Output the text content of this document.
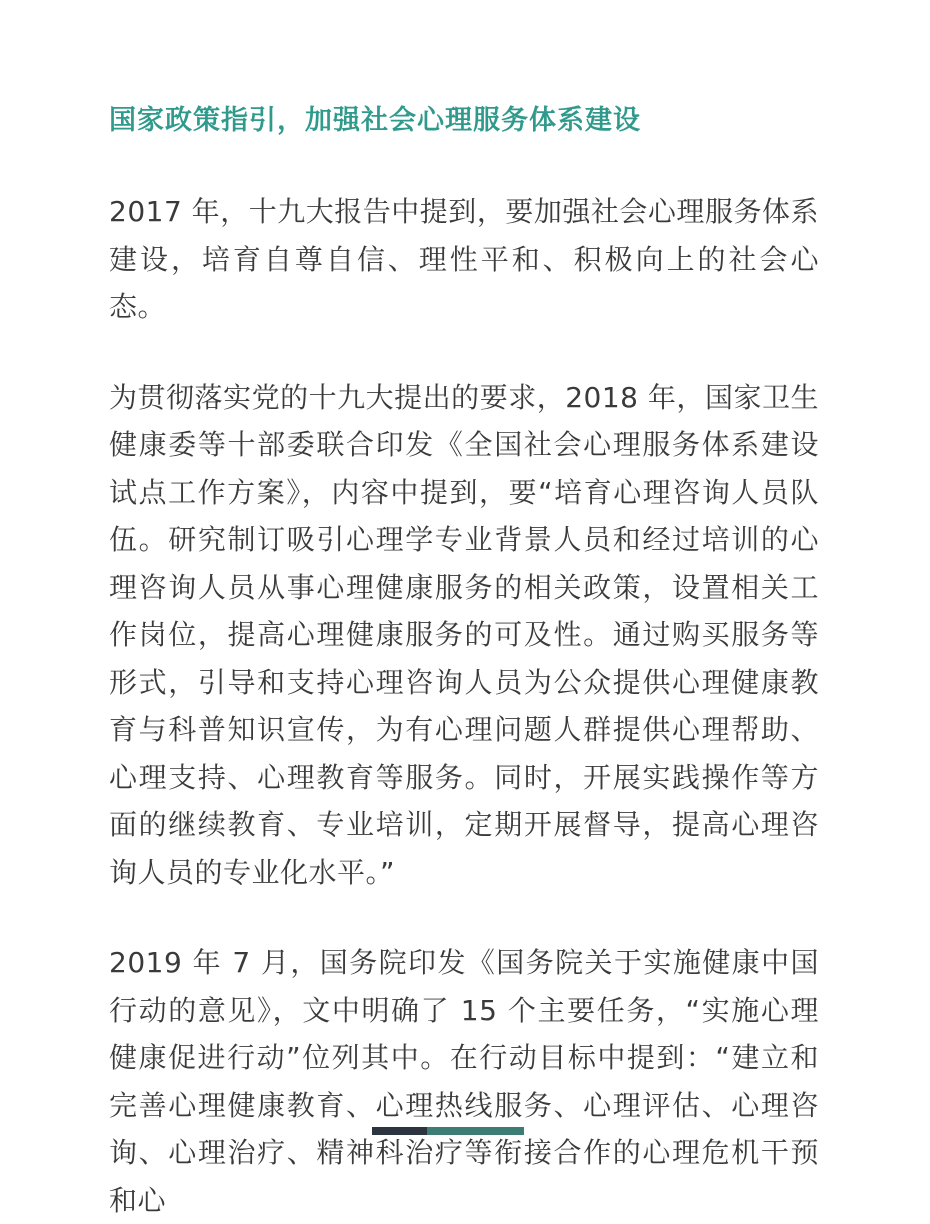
国家政策指引，加强社会心理服务体系建设

2017 年，十九大报告中提到，要加强社会心理服务体系建设，培育自尊自信、理性平和、积极向上的社会心态。

为贯彻落实党的十九大提出的要求，2018 年，国家卫生健康委等十部委联合印发《全国社会心理服务体系建设试点工作方案》，内容中提到，要“培育心理咨询人员队伍。研究制订吸引心理学专业背景人员和经过培训的心理咨询人员从事心理健康服务的相关政策，设置相关工作岗位，提高心理健康服务的可及性。通过购买服务等形式，引导和支持心理咨询人员为公众提供心理健康教育与科普知识宣传，为有心理问题人群提供心理帮助、心理支持、心理教育等服务。同时，开展实践操作等方面的继续教育、专业培训，定期开展督导，提高心理咨询人员的专业化水平。”

2019 年 7 月，国务院印发《国务院关于实施健康中国行动的意见》，文中明确了 15 个主要任务，“实施心理健康促进行动”位列其中。在行动目标中提到：“建立和完善心理健康教育、心理热线服务、心理评估、心理咨询、心理治疗、精神科治疗等衔接合作的心理危机干预和心
